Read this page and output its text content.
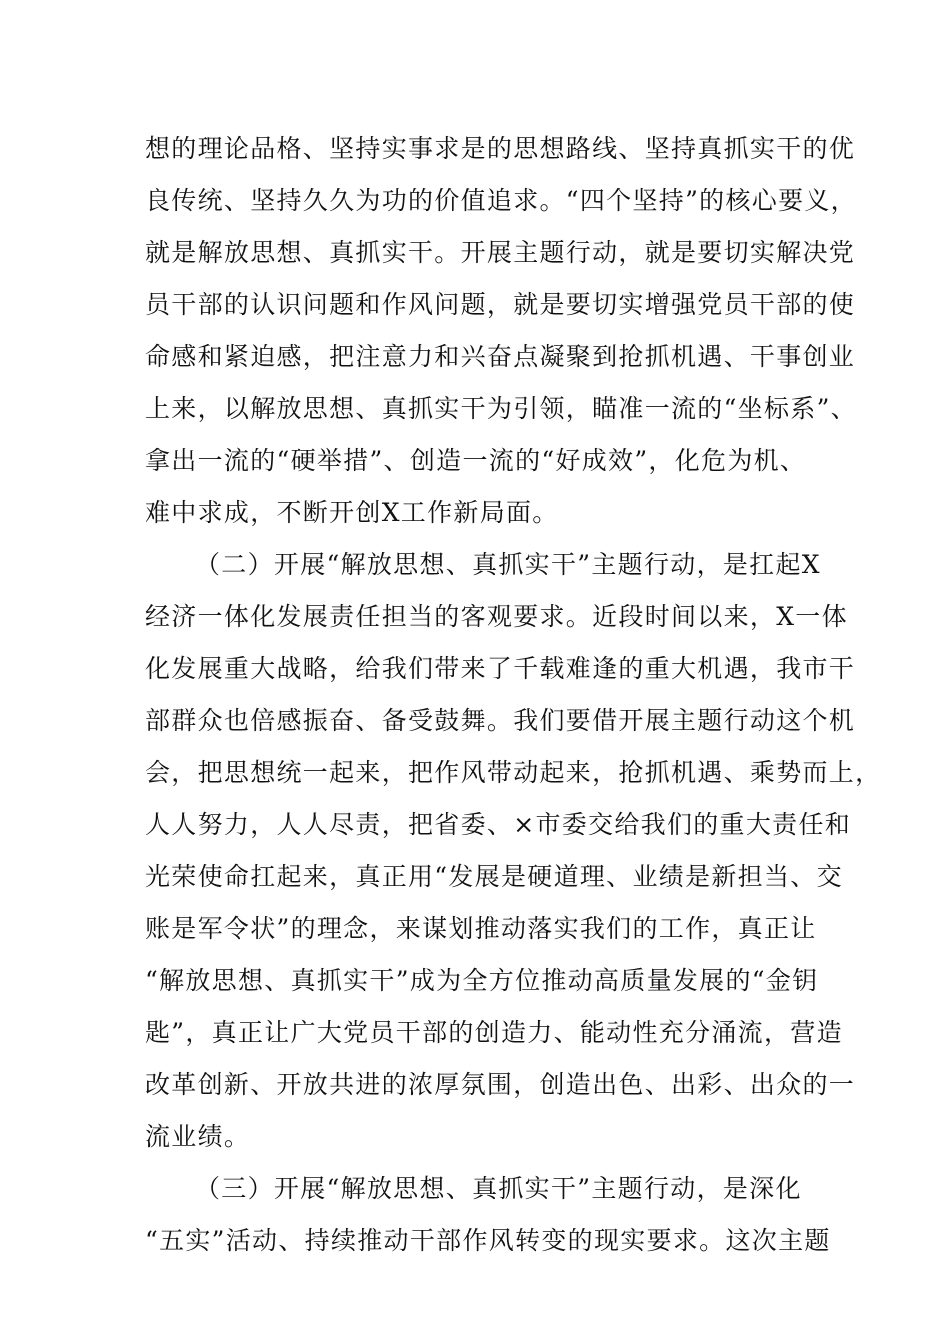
想的理论品格、坚持实事求是的思想路线、坚持真抓实干的优

良传统、坚持久久为功的价值追求。“四个坚持”的核心要义，

就是解放思想、真抓实干。开展主题行动，就是要切实解决党

员干部的认识问题和作风问题，就是要切实增强党员干部的使

命感和紧迫感，把注意力和兴奋点凝聚到抢抓机遇、干事创业

上来，以解放思想、真抓实干为引领，瞄准一流的“坐标系”、

拿出一流的“硬举措”、创造一流的“好成效”，化危为机、

难中求成，不断开创X工作新局面。

（二）开展“解放思想、真抓实干”主题行动，是扛起X

经济一体化发展责任担当的客观要求。近段时间以来，X一体

化发展重大战略，给我们带来了千载难逢的重大机遇，我市干

部群众也倍感振奋、备受鼓舞。我们要借开展主题行动这个机

会，把思想统一起来，把作风带动起来，抢抓机遇、乘势而上，

人人努力，人人尽责，把省委、×市委交给我们的重大责任和

光荣使命扛起来，真正用“发展是硬道理、业绩是新担当、交

账是军令状”的理念，来谋划推动落实我们的工作，真正让

“解放思想、真抓实干”成为全方位推动高质量发展的“金钥

匙”，真正让广大党员干部的创造力、能动性充分涌流，营造

改革创新、开放共进的浓厚氛围，创造出色、出彩、出众的一

流业绩。

（三）开展“解放思想、真抓实干”主题行动，是深化

“五实”活动、持续推动干部作风转变的现实要求。这次主题
